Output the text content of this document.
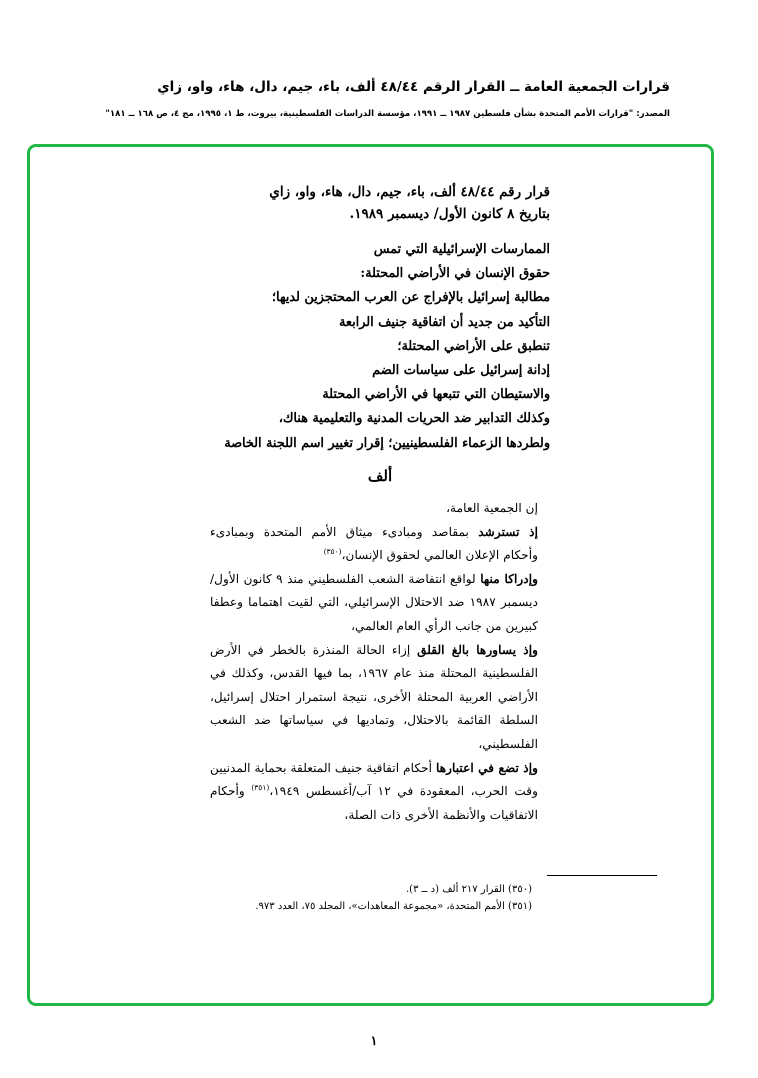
قرارات الجمعية العامة ــ القرار الرقم ٤٨/٤٤ ألف، باء، جيم، دال، هاء، واو، زاي
المصدر: "قرارات الأمم المتحدة بشأن فلسطين ١٩٨٧ ــ ١٩٩١، مؤسسة الدراسات الفلسطينية، بيروت، ط ١، ١٩٩٥، مج ٤، ص ١٦٨ ــ ١٨١"
قرار رقم ٤٨/٤٤ ألف، باء، جيم، دال، هاء، واو، زاي
بتاريخ ٨ كانون الأول/ ديسمبر ١٩٨٩.
الممارسات الإسرائيلية التي تمس
حقوق الإنسان في الأراضي المحتلة:
مطالبة إسرائيل بالإفراج عن العرب المحتجزين لديها؛
التأكيد من جديد أن اتفاقية جنيف الرابعة
تنطبق على الأراضي المحتلة؛
إدانة إسرائيل على سياسات الضم
والاستيطان التي تتبعها في الأراضي المحتلة
وكذلك التدابير ضد الحريات المدنية والتعليمية هناك،
ولطردها الزعماء الفلسطينيين؛ إقرار تغيير اسم اللجنة الخاصة
ألف

إن الجمعية العامة،

إذ تسترشد بمقاصد ومبادىء ميثاق الأمم المتحدة وبمبادىء وأحكام الإعلان العالمي لحقوق الإنسان،$^{(٣٥٠)}$

وإدراكا منها لواقع انتفاضة الشعب الفلسطيني منذ ٩ كانون الأول/ديسمبر ١٩٨٧ ضد الاحتلال الإسرائيلي، التي لقيت اهتماما وعطفا كبيرين من جانب الرأي العام العالمي،

وإذ يساورها بالغ القلق إزاء الحالة المنذرة بالخطر في الأرض الفلسطينية المحتلة منذ عام ١٩٦٧، بما فيها القدس، وكذلك في الأراضي العربية المحتلة الأخرى، نتيجة استمرار احتلال إسرائيل، السلطة القائمة بالاحتلال، وتماديها في سياساتها ضد الشعب الفلسطيني،

وإذ تضع في اعتبارها أحكام اتفاقية جنيف المتعلقة بحماية المدنيين وقت الحرب، المعقودة في ١٢ آب/أغسطس ١٩٤٩،$^{(٣٥١)}$ وأحكام الاتفاقيات والأنظمة الأخرى ذات الصلة،

(٣٥٠) القرار ٢١٧ ألف (د ــ ٣).
(٣٥١) الأمم المتحدة، «مجموعة المعاهدات»، المجلد ٧٥، العدد ٩٧٣.
١
